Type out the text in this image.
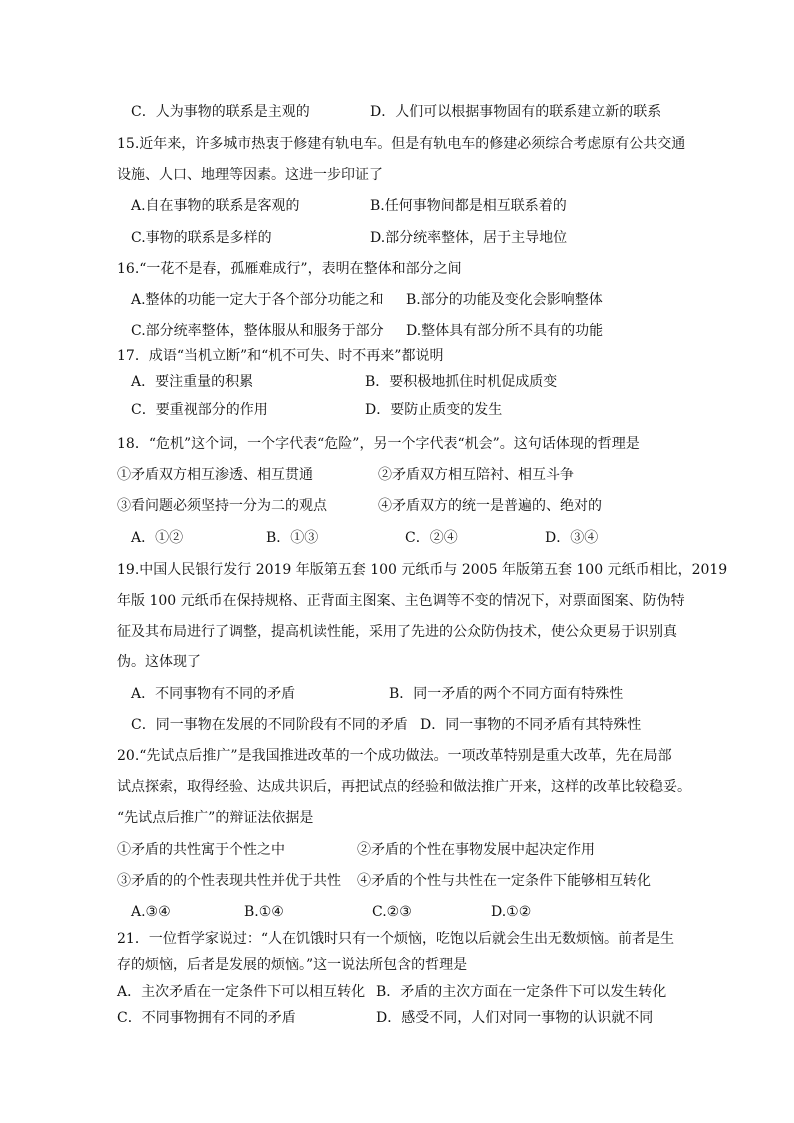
C．人为事物的联系是主观的	D．人们可以根据事物固有的联系建立新的联系
15.近年来，许多城市热衷于修建有轨电车。但是有轨电车的修建必须综合考虑原有公共交通
设施、人口、地理等因素。这进一步印证了
A.自在事物的联系是客观的	B.任何事物间都是相互联系着的
C.事物的联系是多样的	D.部分统率整体，居于主导地位
16.“一花不是春，孤雁难成行”，表明在整体和部分之间
A.整体的功能一定大于各个部分功能之和 B.部分的功能及变化会影响整体
C.部分统率整体，整体服从和服务于部分 D.整体具有部分所不具有的功能
17．成语“当机立断”和“机不可失、时不再来”都说明
A．要注重量的积累	B．要积极地抓住时机促成质变
C．要重视部分的作用	D．要防止质变的发生
18．“危机”这个词，一个字代表“危险”，另一个字代表“机会”。这句话体现的哲理是
①矛盾双方相互渗透、相互贯通	②矛盾双方相互陪衬、相互斗争
③看问题必须坚持一分为二的观点	④矛盾双方的统一是普遍的、绝对的
A．①②	B．①③	C．②④	D．③④
19.中国人民银行发行 2019 年版第五套 100 元纸币与 2005 年版第五套 100 元纸币相比，2019
年版 100 元纸币在保持规格、正背面主图案、主色调等不变的情况下，对票面图案、防伪特
征及其布局进行了调整，提高机读性能，采用了先进的公众防伪技术，使公众更易于识别真
伪。这体现了
A．不同事物有不同的矛盾	B．同一矛盾的两个不同方面有特殊性
C．同一事物在发展的不同阶段有不同的矛盾 D．同一事物的不同矛盾有其特殊性
20.“先试点后推广”是我国推进改革的一个成功做法。一项改革特别是重大改革，先在局部
试点探索，取得经验、达成共识后，再把试点的经验和做法推广开来，这样的改革比较稳妥。
“先试点后推广”的辩证法依据是
①矛盾的共性寓于个性之中	②矛盾的个性在事物发展中起决定作用
③矛盾的的个性表现共性并优于共性 ④矛盾的个性与共性在一定条件下能够相互转化
A.③④	B.①④	C.②③	D.①②
21．一位哲学家说过：“人在饥饿时只有一个烦恼，吃饱以后就会生出无数烦恼。前者是生
存的烦恼，后者是发展的烦恼。”这一说法所包含的哲理是
A．主次矛盾在一定条件下可以相互转化 B．矛盾的主次方面在一定条件下可以发生转化
C．不同事物拥有不同的矛盾	D．感受不同，人们对同一事物的认识就不同
